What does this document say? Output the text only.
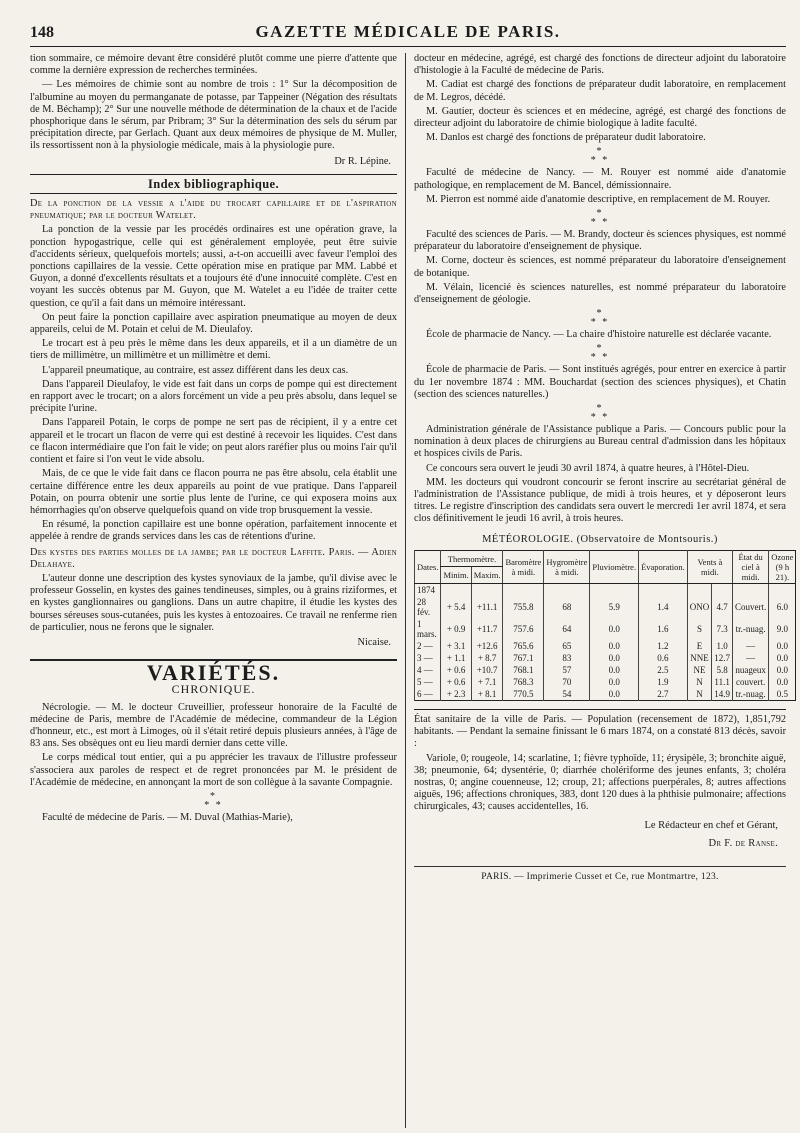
148	GAZETTE MÉDICALE DE PARIS.

tion sommaire, ce mémoire devant être considéré plutôt comme une pierre d'attente que comme la dernière expression de recherches terminées.

— Les mémoires de chimie sont au nombre de trois : 1° Sur la décomposition de l'albumine au moyen du permanganate de potasse, par Tappeiner (Négation des résultats de M. Béchamp); 2° Sur une nouvelle méthode de détermination de la chaux et de l'acide phosphorique dans le sérum, par Pribram; 3° Sur la détermination des sels du sérum par précipitation directe, par Gerlach. Quant aux deux mémoires de physique de M. Muller, ils ressortissent non à la physiologie médicale, mais à la physiologie pure.

Dr R. Lépine.
Index bibliographique.

De la ponction de la vessie a l'aide du trocart capillaire et de l'aspiration pneumatique; par le docteur Watelet.

La ponction de la vessie par les procédés ordinaires est une opération grave, la ponction hypogastrique, celle qui est généralement employée, peut être suivie d'accidents sérieux, quelquefois mortels; aussi, a-t-on accueilli avec faveur l'emploi des ponctions capillaires de la vessie. Cette opération mise en pratique par MM. Labbé et Guyon, a donné d'excellents résultats et a toujours été d'une innocuité complète. C'est en voyant les succès obtenus par M. Guyon, que M. Watelet a eu l'idée de traiter cette question, ce qu'il a fait dans un mémoire intéressant.

On peut faire la ponction capillaire avec aspiration pneumatique au moyen de deux appareils, celui de M. Potain et celui de M. Dieulafoy.

Le trocart est à peu près le même dans les deux appareils, et il a un diamètre de un tiers de millimètre, un millimètre et un millimètre et demi.

L'appareil pneumatique, au contraire, est assez différent dans les deux cas.

Dans l'appareil Dieulafoy, le vide est fait dans un corps de pompe qui est directement en rapport avec le trocart; on a alors forcément un vide a peu près absolu, dans lequel se précipite l'urine.

Dans l'appareil Potain, le corps de pompe ne sert pas de récipient, il y a entre cet appareil et le trocart un flacon de verre qui est destiné à recevoir les liquides. C'est dans ce flacon intermédiaire que l'on fait le vide; on peut alors raréfier plus ou moins l'air qu'il contient et faire si l'on veut le vide absolu.

Mais, de ce que le vide fait dans ce flacon pourra ne pas être absolu, cela établit une certaine différence entre les deux appareils au point de vue pratique. Dans l'appareil Potain, on pourra obtenir une sortie plus lente de l'urine, ce qui exposera moins aux hémorrhagies qu'on observe quelquefois quand on vide trop brusquement la vessie.

En résumé, la ponction capillaire est une bonne opération, parfaitement innocente et appelée à rendre de grands services dans les cas de rétentions d'urine.

Des kystes des parties molles de la jambe; par le docteur Laffite. Paris. — Adien Delahaye.

L'auteur donne une description des kystes synoviaux de la jambe, qu'il divise avec le professeur Gosselin, en kystes des gaines tendineuses, simples, ou à grains riziformes, et en kystes ganglionnaires ou ganglions. Dans un autre chapitre, il étudie les kystes des bourses séreuses sous-cutanées, puis les kystes à entozoaires. Ce travail ne renferme rien de particulier, nous ne ferons que le signaler.

Nicaise.
VARIÉTÉS.
CHRONIQUE.

Nécrologie. — M. le docteur Cruveillier, professeur honoraire de la Faculté de médecine de Paris, membre de l'Académie de médecine, commandeur de la Légion d'honneur, etc., est mort à Limoges, où il s'était retiré depuis plusieurs années, à l'âge de 83 ans. Ses obsèques ont eu lieu mardi dernier dans cette ville.

Le corps médical tout entier, qui a pu apprécier les travaux de l'illustre professeur s'associera aux paroles de respect et de regret prononcées par M. le président de l'Académie de médecine, en annonçant la mort de son collègue à la savante Compagnie.

*
* *

Faculté de médecine de Paris. — M. Duval (Mathias-Marie),

docteur en médecine, agrégé, est chargé des fonctions de directeur adjoint du laboratoire d'histologie à la Faculté de médecine de Paris.

M. Cadiat est chargé des fonctions de préparateur dudit laboratoire, en remplacement de M. Legros, décédé.

M. Gautier, docteur ès sciences et en médecine, agrégé, est chargé des fonctions de directeur adjoint du laboratoire de chimie biologique à ladite faculté.

M. Danlos est chargé des fonctions de préparateur dudit laboratoire.

*
* *

Faculté de médecine de Nancy. — M. Rouyer est nommé aide d'anatomie pathologique, en remplacement de M. Bancel, démissionnaire.

M. Pierron est nommé aide d'anatomie descriptive, en remplacement de M. Rouyer.

*
* *

Faculté des sciences de Paris. — M. Brandy, docteur ès sciences physiques, est nommé préparateur du laboratoire d'enseignement de physique.

M. Corne, docteur ès sciences, est nommé préparateur du laboratoire d'enseignement de botanique.

M. Vélain, licencié ès sciences naturelles, est nommé préparateur du laboratoire d'enseignement de géologie.

*
* *

École de pharmacie de Nancy. — La chaire d'histoire naturelle est déclarée vacante.

*
* *

École de pharmacie de Paris. — Sont institués agrégés, pour entrer en exercice à partir du 1er novembre 1874 : MM. Bouchardat (section des sciences physiques), et Chatin (section des sciences naturelles.)

*
* *

Administration générale de l'Assistance publique a Paris. — Concours public pour la nomination à deux places de chirurgiens au Bureau central d'admission dans les hôpitaux et hospices civils de Paris.

Ce concours sera ouvert le jeudi 30 avril 1874, à quatre heures, à l'Hôtel-Dieu.

MM. les docteurs qui voudront concourir se feront inscrire au secrétariat général de l'administration de l'Assistance publique, de midi à trois heures, et y déposeront leurs titres. Le registre d'inscription des candidats sera ouvert le mercredi 1er avril 1874, et sera clos définitivement le jeudi 16 avril, à trois heures.

MÉTÉOROLOGIE. (Observatoire de Montsouris.)
Dates.	Thermomètre.		Baromètre à midi.	Hygromètre à midi.	Pluviomètre.	Évaporation.	Vents à midi.		État du ciel à midi.	Ozone (9 h 21).
	Minim.	Maxim.								
1874										
28 fév.	+ 5.4	+11.1	755.8	68	5.9	1.4	ONO	4.7	Couvert.	6.0
1 mars.	+ 0.9	+11.7	757.6	64	0.0	1.6	S	7.3	tr.-nuag.	9.0
2 —	+ 3.1	+12.6	765.6	65	0.0	1.2	E	1.0	—	0.0
3 —	+ 1.1	+ 8.7	767.1	83	0.0	0.6	NNE	12.7	—	0.0
4 —	+ 0.6	+10.7	768.1	57	0.0	2.5	NE	5.8	nuageux	0.0
5 —	+ 0.6	+ 7.1	768.3	70	0.0	1.9	N	11.1	couvert.	0.0
6 —	+ 2.3	+ 8.1	770.5	54	0.0	2.7	N	14.9	tr.-nuag.	0.5

État sanitaire de la ville de Paris. — Population (recensement de 1872), 1,851,792 habitants. — Pendant la semaine finissant le 6 mars 1874, on a constaté 813 décès, savoir :

Variole, 0; rougeole, 14; scarlatine, 1; fièvre typhoïde, 11; érysipèle, 3; bronchite aiguë, 38; pneumonie, 64; dysentérie, 0; diarrhée cholériforme des jeunes enfants, 3; choléra nostras, 0; angine couenneuse, 12; croup, 21; affections puerpérales, 8; autres affections aiguës, 196; affections chroniques, 383, dont 120 dues à la phthisie pulmonaire; affections chirurgicales, 43; causes accidentelles, 16.

Le Rédacteur en chef et Gérant,
Dr F. de Ranse.
PARIS. — Imprimerie Cusset et Ce, rue Montmartre, 123.
